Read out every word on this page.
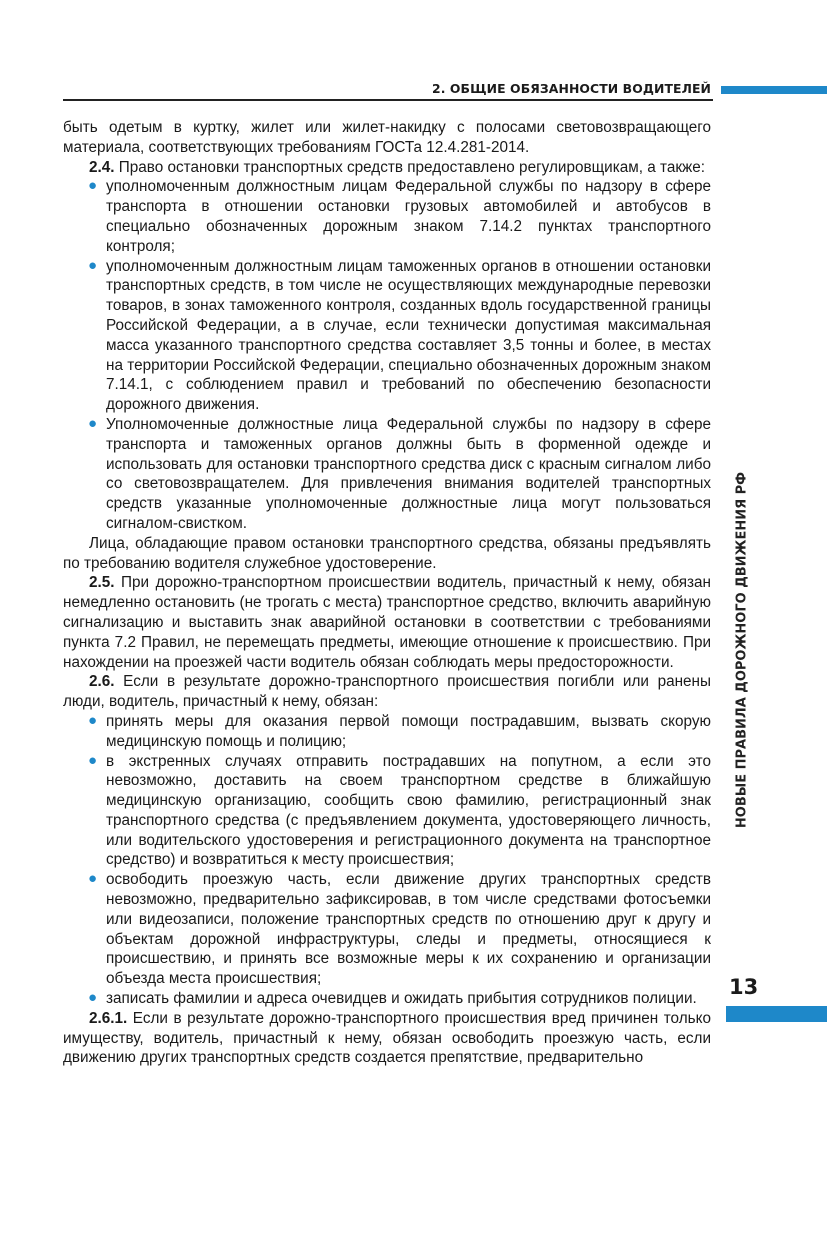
2. ОБЩИЕ ОБЯЗАННОСТИ ВОДИТЕЛЕЙ

быть одетым в куртку, жилет или жилет-накидку с полосами световозвращающего материала, соответствующих требованиям ГОСТа 12.4.281-2014.

2.4. Право остановки транспортных средств предоставлено регулировщикам, а также:

● уполномоченным должностным лицам Федеральной службы по надзору в сфере транспорта в отношении остановки грузовых автомобилей и автобусов в специально обозначенных дорожным знаком 7.14.2 пунктах транспортного контроля;
● уполномоченным должностным лицам таможенных органов в отношении остановки транспортных средств, в том числе не осуществляющих международные перевозки товаров, в зонах таможенного контроля, созданных вдоль государственной границы Российской Федерации, а в случае, если технически допустимая максимальная масса указанного транспортного средства составляет 3,5 тонны и более, в местах на территории Российской Федерации, специально обозначенных дорожным знаком 7.14.1, с соблюдением правил и требований по обеспечению безопасности дорожного движения.
● Уполномоченные должностные лица Федеральной службы по надзору в сфере транспорта и таможенных органов должны быть в форменной одежде и использовать для остановки транспортного средства диск с красным сигналом либо со световозвращателем. Для привлечения внимания водителей транспортных средств указанные уполномоченные должностные лица могут пользоваться сигналом-свистком.

Лица, обладающие правом остановки транспортного средства, обязаны предъявлять по требованию водителя служебное удостоверение.

2.5. При дорожно-транспортном происшествии водитель, причастный к нему, обязан немедленно остановить (не трогать с места) транспортное средство, включить аварийную сигнализацию и выставить знак аварийной остановки в соответствии с требованиями пункта 7.2 Правил, не перемещать предметы, имеющие отношение к происшествию. При нахождении на проезжей части водитель обязан соблюдать меры предосторожности.

2.6. Если в результате дорожно-транспортного происшествия погибли или ранены люди, водитель, причастный к нему, обязан:

● принять меры для оказания первой помощи пострадавшим, вызвать скорую медицинскую помощь и полицию;
● в экстренных случаях отправить пострадавших на попутном, а если это невозможно, доставить на своем транспортном средстве в ближайшую медицинскую организацию, сообщить свою фамилию, регистрационный знак транспортного средства (с предъявлением документа, удостоверяющего личность, или водительского удостоверения и регистрационного документа на транспортное средство) и возвратиться к месту происшествия;
● освободить проезжую часть, если движение других транспортных средств невозможно, предварительно зафиксировав, в том числе средствами фотосъемки или видеозаписи, положение транспортных средств по отношению друг к другу и объектам дорожной инфраструктуры, следы и предметы, относящиеся к происшествию, и принять все возможные меры к их сохранению и организации объезда места происшествия;
● записать фамилии и адреса очевидцев и ожидать прибытия сотрудников полиции.

2.6.1. Если в результате дорожно-транспортного происшествия вред причинен только имуществу, водитель, причастный к нему, обязан освободить проезжую часть, если движению других транспортных средств создается препятствие, предварительно

НОВЫЕ ПРАВИЛА ДОРОЖНОГО ДВИЖЕНИЯ РФ
13
